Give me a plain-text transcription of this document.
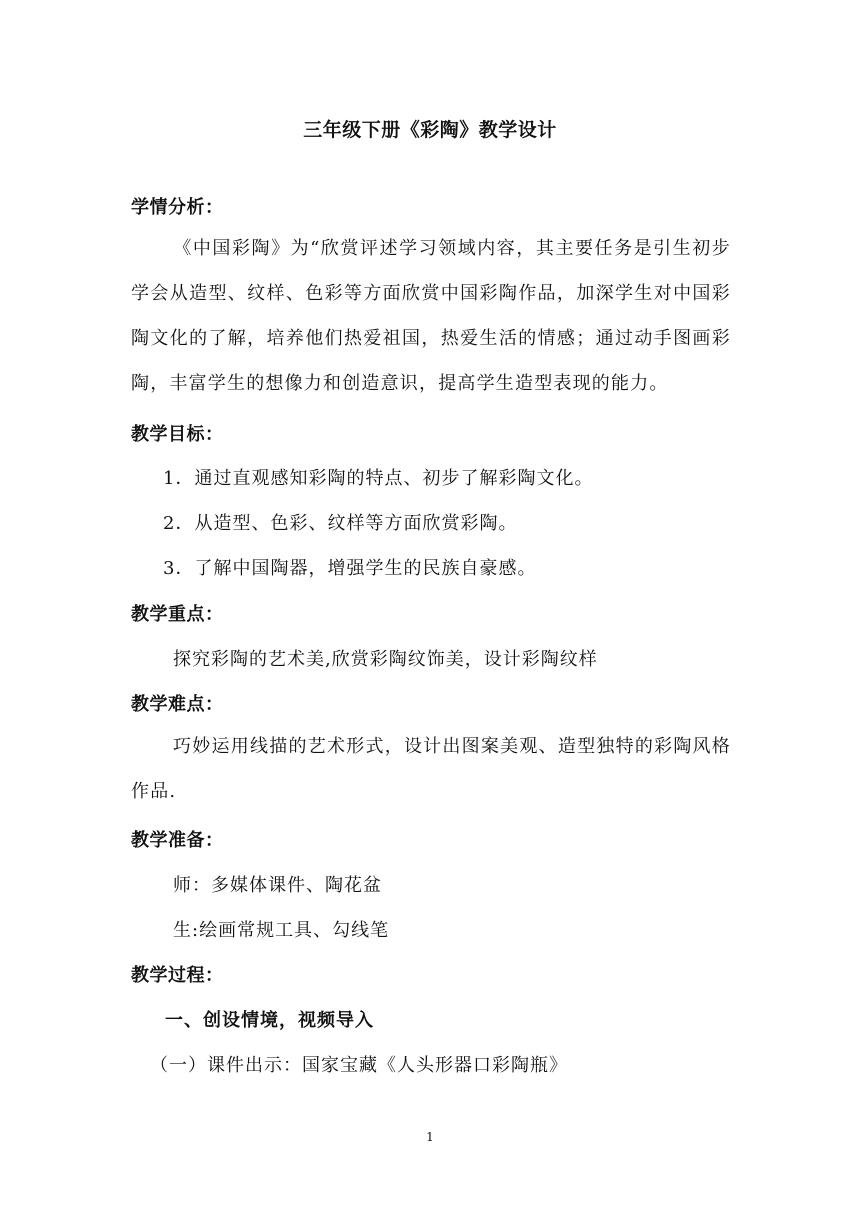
三年级下册《彩陶》教学设计
学情分析：

《中国彩陶》为“欣赏评述学习领域内容，其主要任务是引生初步学会从造型、纹样、色彩等方面欣赏中国彩陶作品，加深学生对中国彩陶文化的了解，培养他们热爱祖国，热爱生活的情感；通过动手图画彩陶，丰富学生的想像力和创造意识，提高学生造型表现的能力。

教学目标：

1．通过直观感知彩陶的特点、初步了解彩陶文化。

2．从造型、色彩、纹样等方面欣赏彩陶。

3．了解中国陶器，增强学生的民族自豪感。

教学重点：

探究彩陶的艺术美,欣赏彩陶纹饰美，设计彩陶纹样

教学难点：

巧妙运用线描的艺术形式，设计出图案美观、造型独特的彩陶风格作品.

教学准备：

师：多媒体课件、陶花盆

生:绘画常规工具、勾线笔

教学过程：

一、创设情境，视频导入

（一）课件出示：国家宝藏《人头形器口彩陶瓶》

1
